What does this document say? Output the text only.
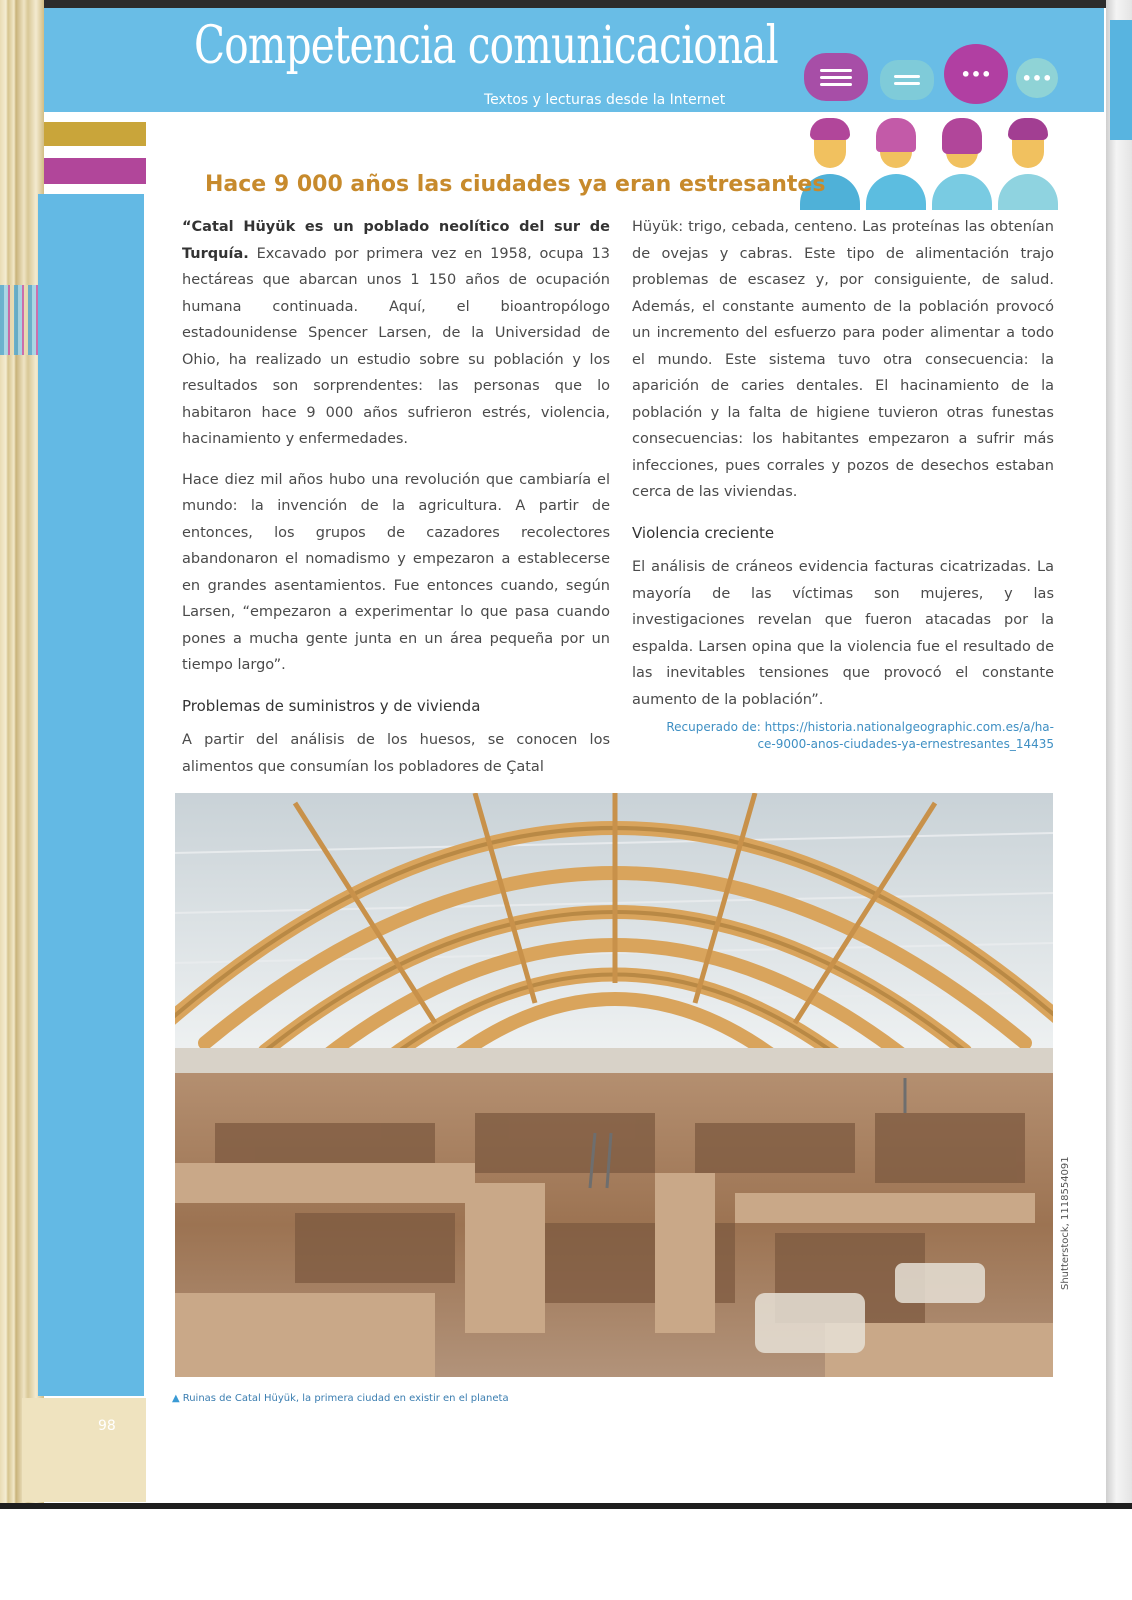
Competencia comunicacional
Textos y lecturas desde la Internet
•••	•••
Hace 9 000 años las ciudades ya eran estresantes

“Catal Hüyük es un poblado neolítico del sur de Turquía. Excavado por primera vez en 1958, ocupa 13 hectáreas que abarcan unos 1 150 años de ocupación humana continuada. Aquí, el bioantropólogo estadounidense Spencer Larsen, de la Universidad de Ohio, ha realizado un estudio sobre su población y los resultados son sorprendentes: las personas que lo habitaron hace 9 000 años sufrieron estrés, violencia, hacinamiento y enfermedades.

Hace diez mil años hubo una revolución que cambiaría el mundo: la invención de la agricultura. A partir de entonces, los grupos de cazadores recolectores abandonaron el nomadismo y empezaron a establecerse en grandes asentamientos. Fue entonces cuando, según Larsen, “empezaron a experimentar lo que pasa cuando pones a mucha gente junta en un área pequeña por un tiempo largo”.

Problemas de suministros y de vivienda

A partir del análisis de los huesos, se conocen los alimentos que consumían los pobladores de Çatal

Hüyük: trigo, cebada, centeno. Las proteínas las obtenían de ovejas y cabras. Este tipo de alimentación trajo problemas de escasez y, por consiguiente, de salud. Además, el constante aumento de la población provocó un incremento del esfuerzo para poder alimentar a todo el mundo. Este sistema tuvo otra consecuencia: la aparición de caries dentales. El hacinamiento de la población y la falta de higiene tuvieron otras funestas consecuencias: los habitantes empezaron a sufrir más infecciones, pues corrales y pozos de desechos estaban cerca de las viviendas.

Violencia creciente

El análisis de cráneos evidencia facturas cicatrizadas. La mayoría de las víctimas son mujeres, y las investigaciones revelan que fueron atacadas por la espalda. Larsen opina que la violencia fue el resultado de las inevitables tensiones que provocó el constante aumento de la población”.

Recuperado de: https://historia.nationalgeographic.com.es/a/ha-
ce-9000-anos-ciudades-ya-ernestresantes_14435
Shutterstock, 1118554091
▲ Ruinas de Catal Hüyük, la primera ciudad en existir en el planeta
98
